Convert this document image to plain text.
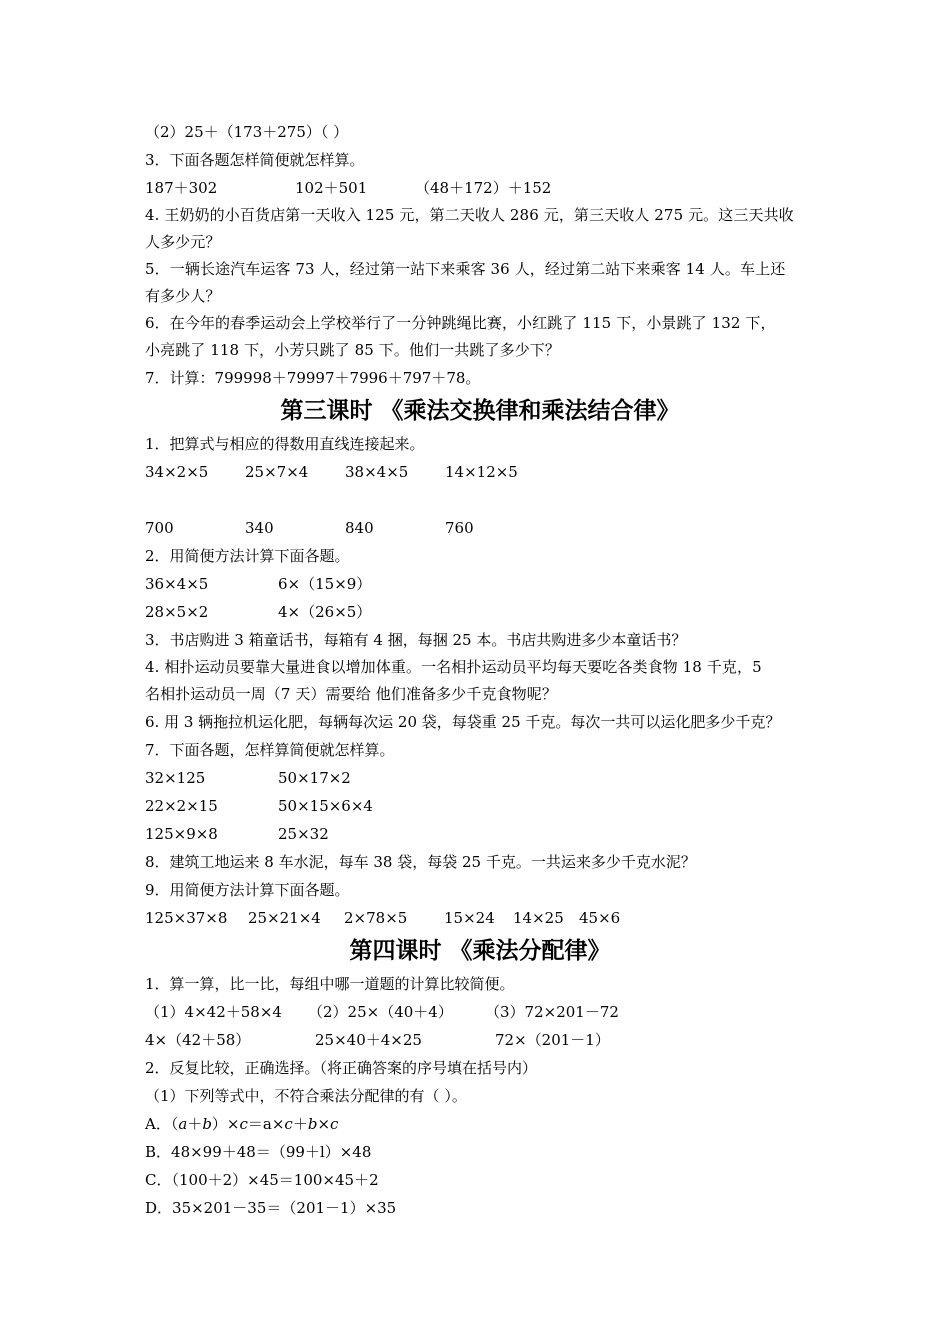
（2）25＋（173＋275）（ ）
3．下面各题怎样简便就怎样算。
187＋302	102＋501	（48＋172）＋152
4. 王奶奶的小百货店第一天收入 125 元，第二天收人 286 元，第三天收人 275 元。这三天共收
人多少元？
5．一辆长途汽车运客 73 人，经过第一站下来乘客 36 人，经过第二站下来乘客 14 人。车上还
有多少人？
6．在今年的春季运动会上学校举行了一分钟跳绳比赛，小红跳了 115 下，小景跳了 132 下，
小亮跳了 118 下，小芳只跳了 85 下。他们一共跳了多少下？
7．计算：799998＋79997＋7996＋797＋78。
第三课时 《乘法交换律和乘法结合律》
1．把算式与相应的得数用直线连接起来。
34×2×5 25×7×4 38×4×5 14×12×5
700	340	840	760
2．用简便方法计算下面各题。
36×4×5	6×（15×9）
28×5×2	4×（26×5）
3．书店购进 3 箱童话书，每箱有 4 捆，每捆 25 本。书店共购进多少本童话书？
4. 相扑运动员要靠大量进食以增加体重。一名相扑运动员平均每天要吃各类食物 18 千克，5
名相扑运动员一周（7 天）需要给 他们准备多少千克食物呢？
6. 用 3 辆拖拉机运化肥，每辆每次运 20 袋，每袋重 25 千克。每次一共可以运化肥多少千克？
7．下面各题，怎样算简便就怎样算。
32×125	50×17×2
22×2×15	50×15×6×4
125×9×8	25×32
8．建筑工地运来 8 车水泥，每车 38 袋，每袋 25 千克。一共运来多少千克水泥？
9．用简便方法计算下面各题。
125×37×8 25×21×4 2×78×5 15×24 14×25 45×6
第四课时 《乘法分配律》
1．算一算，比一比，每组中哪一道题的计算比较简便。
（1）4×42＋58×4 （2）25×（40＋4） （3）72×201－72
4×（42＋58）	25×40＋4×25	72×（201－1）
2．反复比较，正确选择。（将正确答案的序号填在括号内）
（1）下列等式中，不符合乘法分配律的有（ ）。
A．（a＋b）×c＝a×c＋b×c
B．48×99＋48＝（99＋l）×48
C．（100＋2）×45＝100×45＋2
D．35×201－35＝（201－1）×35
